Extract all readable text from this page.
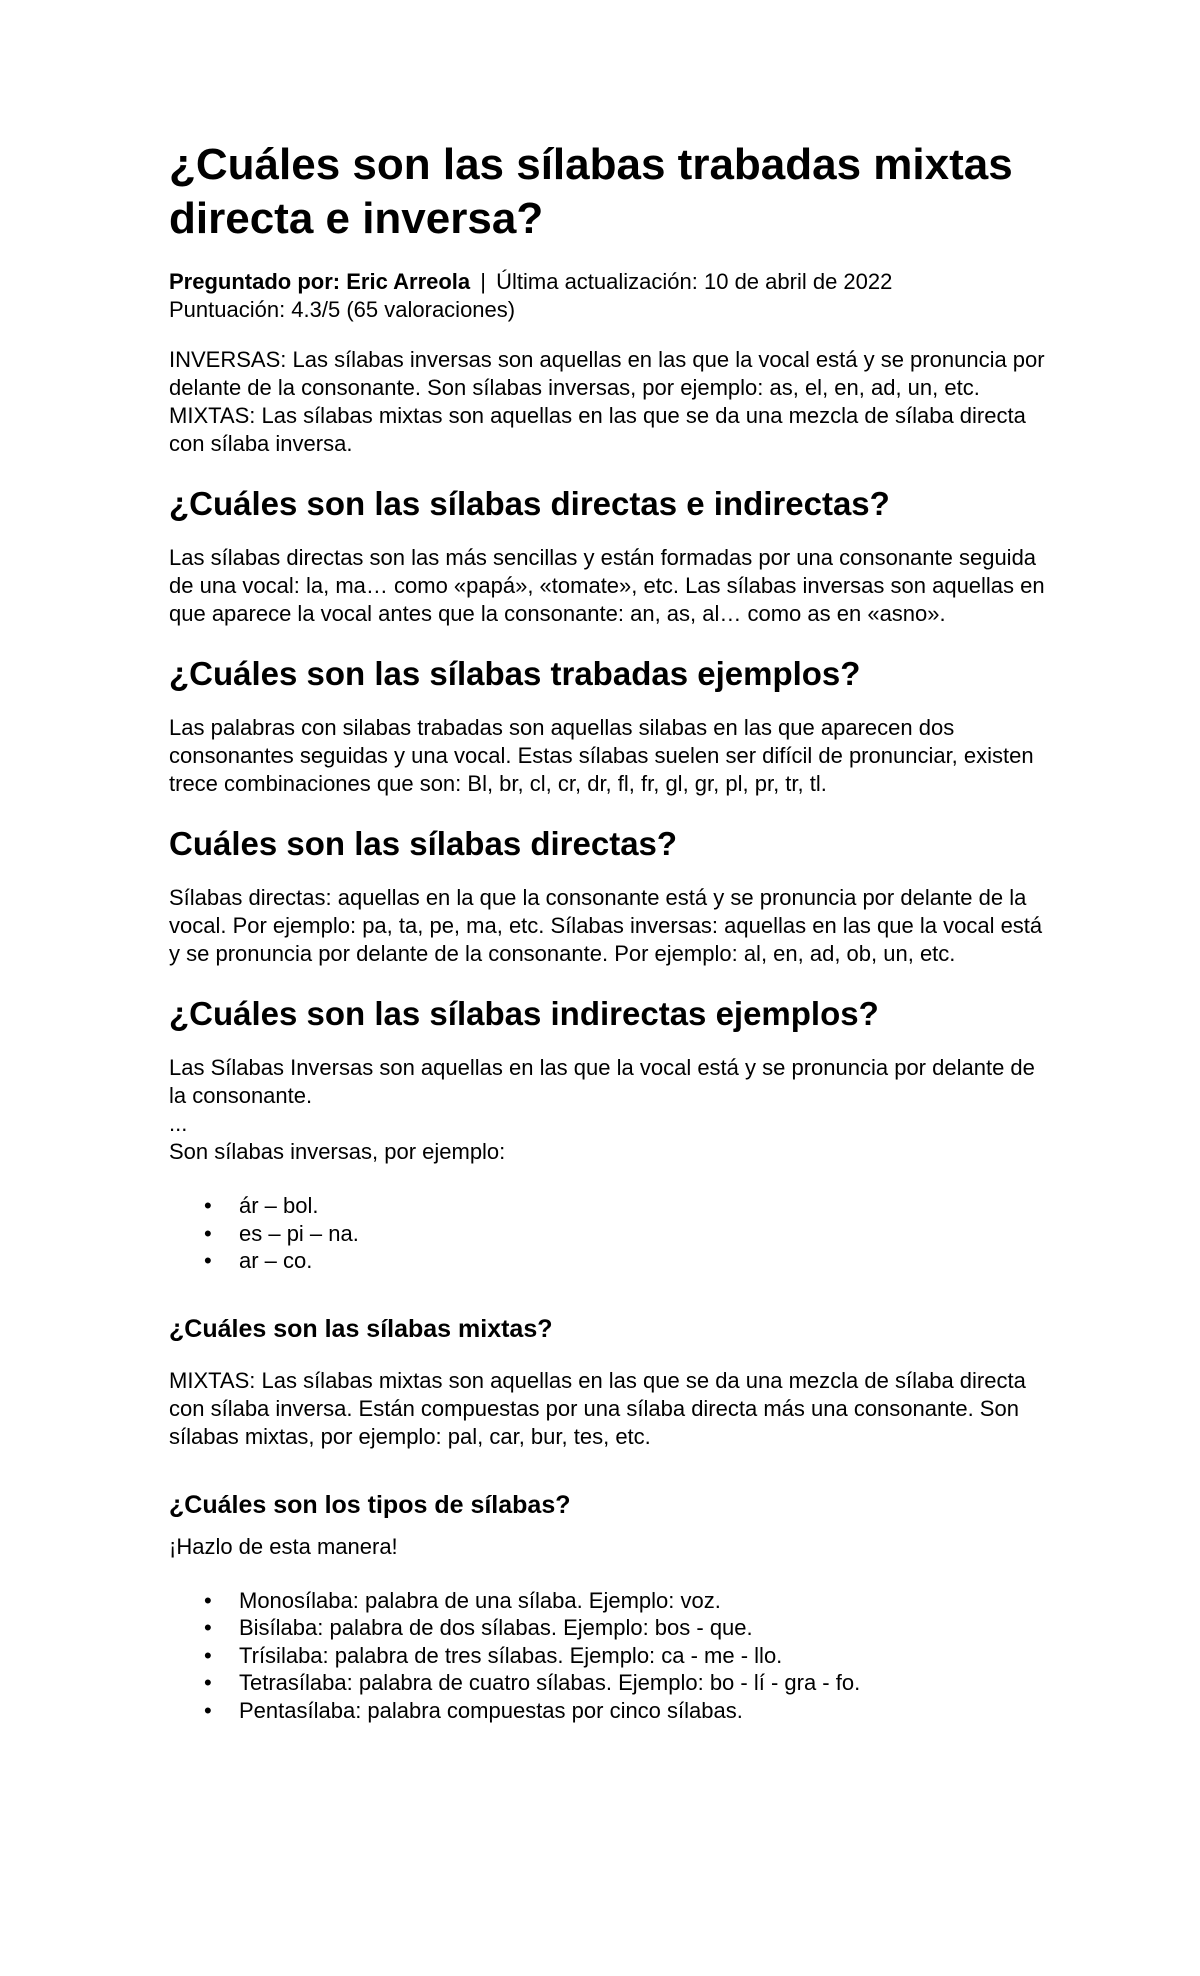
¿Cuáles son las sílabas trabadas mixtas directa e inversa?
Preguntado por: Eric Arreola | Última actualización: 10 de abril de 2022
Puntuación: 4.3/5 (65 valoraciones)

INVERSAS: Las sílabas inversas son aquellas en las que la vocal está y se pronuncia por delante de la consonante. Son sílabas inversas, por ejemplo: as, el, en, ad, un, etc. MIXTAS: Las sílabas mixtas son aquellas en las que se da una mezcla de sílaba directa con sílaba inversa.

¿Cuáles son las sílabas directas e indirectas?

Las sílabas directas son las más sencillas y están formadas por una consonante seguida de una vocal: la, ma… como «papá», «tomate», etc. Las sílabas inversas son aquellas en que aparece la vocal antes que la consonante: an, as, al… como as en «asno».

¿Cuáles son las sílabas trabadas ejemplos?

Las palabras con silabas trabadas son aquellas silabas en las que aparecen dos consonantes seguidas y una vocal. Estas sílabas suelen ser difícil de pronunciar, existen trece combinaciones que son: Bl, br, cl, cr, dr, fl, fr, gl, gr, pl, pr, tr, tl.

Cuáles son las sílabas directas?

Sílabas directas: aquellas en la que la consonante está y se pronuncia por delante de la vocal. Por ejemplo: pa, ta, pe, ma, etc. Sílabas inversas: aquellas en las que la vocal está y se pronuncia por delante de la consonante. Por ejemplo: al, en, ad, ob, un, etc.

¿Cuáles son las sílabas indirectas ejemplos?

Las Sílabas Inversas son aquellas en las que la vocal está y se pronuncia por delante de la consonante.

...

Son sílabas inversas, por ejemplo:

• ár – bol.
• es – pi – na.
• ar – co.
¿Cuáles son las sílabas mixtas?

MIXTAS: Las sílabas mixtas son aquellas en las que se da una mezcla de sílaba directa con sílaba inversa. Están compuestas por una sílaba directa más una consonante. Son sílabas mixtas, por ejemplo: pal, car, bur, tes, etc.

¿Cuáles son los tipos de sílabas?

¡Hazlo de esta manera!

• Monosílaba: palabra de una sílaba. Ejemplo: voz.
• Bisílaba: palabra de dos sílabas. Ejemplo: bos - que.
• Trísilaba: palabra de tres sílabas. Ejemplo: ca - me - llo.
• Tetrasílaba: palabra de cuatro sílabas. Ejemplo: bo - lí - gra - fo.
• Pentasílaba: palabra compuestas por cinco sílabas.
